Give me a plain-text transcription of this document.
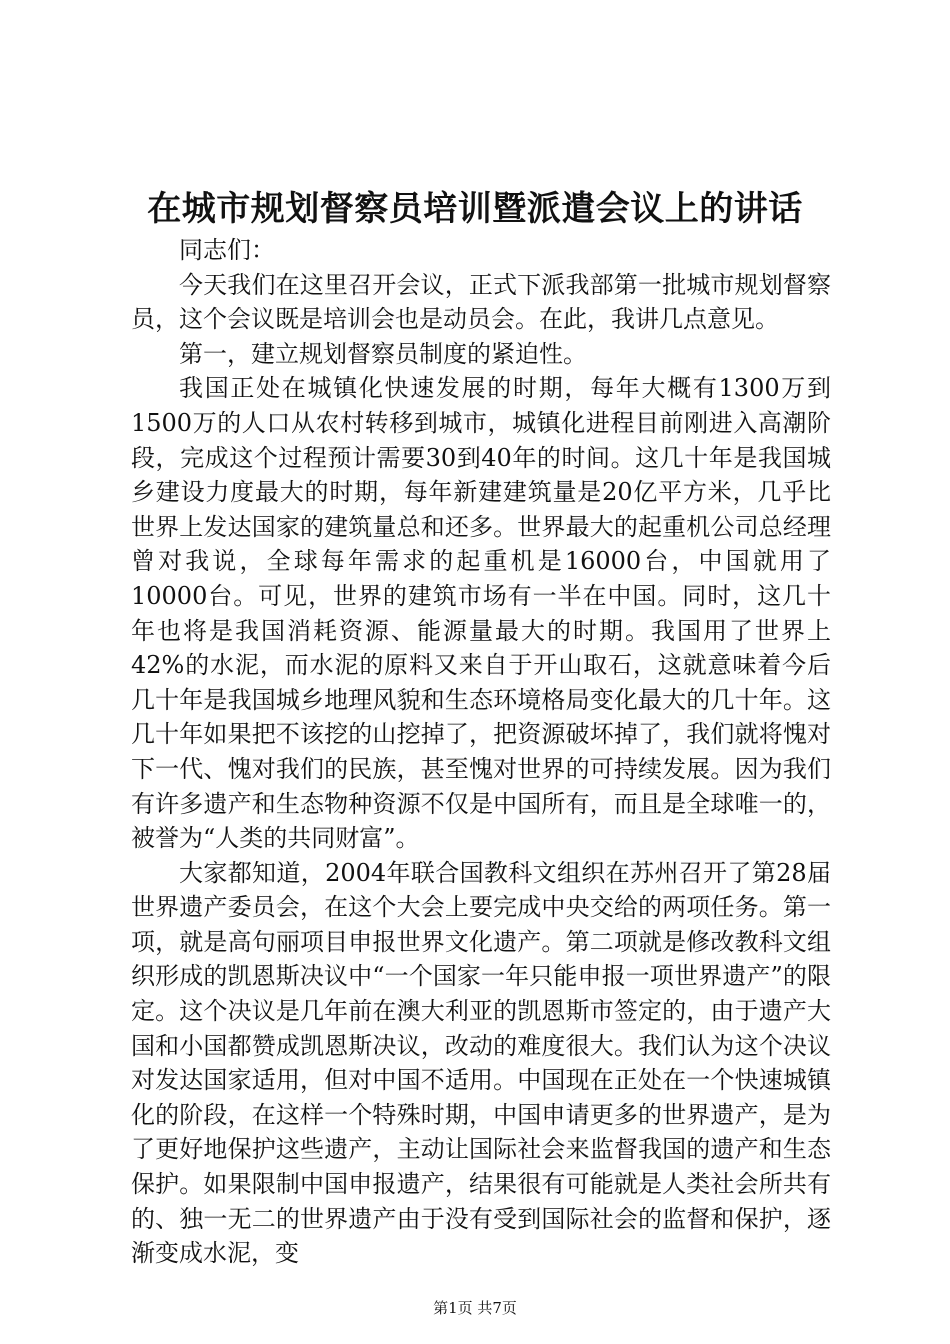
在城市规划督察员培训暨派遣会议上的讲话

同志们：

今天我们在这里召开会议，正式下派我部第一批城市规划督察员，这个会议既是培训会也是动员会。在此，我讲几点意见。

第一，建立规划督察员制度的紧迫性。

我国正处在城镇化快速发展的时期，每年大概有1300万到1500万的人口从农村转移到城市，城镇化进程目前刚进入高潮阶段，完成这个过程预计需要30到40年的时间。这几十年是我国城乡建设力度最大的时期，每年新建建筑量是20亿平方米，几乎比世界上发达国家的建筑量总和还多。世界最大的起重机公司总经理曾对我说，全球每年需求的起重机是16000台，中国就用了10000台。可见，世界的建筑市场有一半在中国。同时，这几十年也将是我国消耗资源、能源量最大的时期。我国用了世界上42%的水泥，而水泥的原料又来自于开山取石，这就意味着今后几十年是我国城乡地理风貌和生态环境格局变化最大的几十年。这几十年如果把不该挖的山挖掉了，把资源破坏掉了，我们就将愧对下一代、愧对我们的民族，甚至愧对世界的可持续发展。因为我们有许多遗产和生态物种资源不仅是中国所有，而且是全球唯一的，被誉为“人类的共同财富”。

大家都知道，2004年联合国教科文组织在苏州召开了第28届世界遗产委员会，在这个大会上要完成中央交给的两项任务。第一项，就是高句丽项目申报世界文化遗产。第二项就是修改教科文组织形成的凯恩斯决议中“一个国家一年只能申报一项世界遗产”的限定。这个决议是几年前在澳大利亚的凯恩斯市签定的，由于遗产大国和小国都赞成凯恩斯决议，改动的难度很大。我们认为这个决议对发达国家适用，但对中国不适用。中国现在正处在一个快速城镇化的阶段，在这样一个特殊时期，中国申请更多的世界遗产，是为了更好地保护这些遗产，主动让国际社会来监督我国的遗产和生态保护。如果限制中国申报遗产，结果很有可能就是人类社会所共有的、独一无二的世界遗产由于没有受到国际社会的监督和保护，逐渐变成水泥，变

第1页 共7页
